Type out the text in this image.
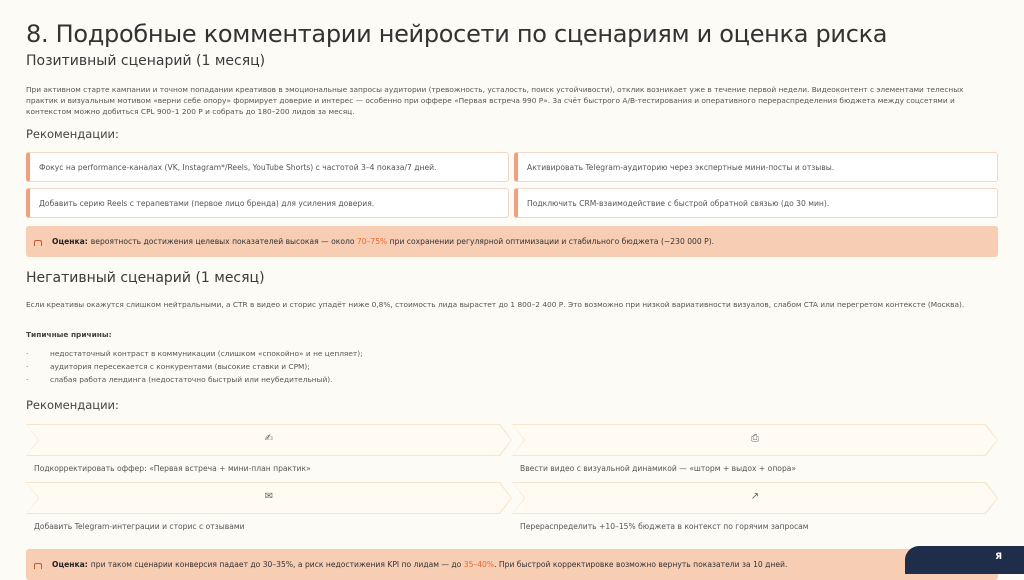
8. Подробные комментарии нейросети по сценариям и оценка риска
Позитивный сценарий (1 месяц)

При активном старте кампании и точном попадании креативов в эмоциональные запросы аудитории (тревожность, усталость, поиск устойчивости), отклик возникает уже в течение первой недели. Видеоконтент с элементами телесных практик и визуальным мотивом «верни себе опору» формирует доверие и интерес — особенно при оффере «Первая встреча 990 Р». За счёт быстрого A/B-тестирования и оперативного перераспределения бюджета между соцсетями и контекстом можно добиться CPL 900–1 200 Р и собрать до 180–200 лидов за месяц.

Рекомендации:
Фокус на performance-каналах (VK, Instagram*/Reels, YouTube Shorts) с частотой 3–4 показа/7 дней.	Активировать Telegram-аудиторию через экспертные мини-посты и отзывы.
Добавить серию Reels с терапевтами (первое лицо бренда) для усиления доверия.	Подключить CRM-взаимодействие с быстрой обратной связью (до 30 мин).
Оценка: вероятность достижения целевых показателей высокая — около
70–75%
при сохранении регулярной оптимизации и стабильного бюджета (~230 000 Р).
Негативный сценарий (1 месяц)

Если креативы окажутся слишком нейтральными, а CTR в видео и сторис упадёт ниже 0,8%, стоимость лида вырастет до 1 800–2 400 Р. Это возможно при низкой вариативности визуалов, слабом CTA или перегретом контексте (Москва).

Типичные причины:
· недостаточный контраст в коммуникации (слишком «спокойно» и не цепляет);
· аудитория пересекается с конкурентами (высокие ставки и CPM);
· слабая работа лендинга (недостаточно быстрый или неубедительный).
Рекомендации:
✍
Подкорректировать оффер: «Первая встреча + мини-план практик»
⎙
Ввести видео с визуальной динамикой — «шторм + выдох + опора»
✉
Добавить Telegram-интеграции и сторис с отзывами
↗
Перераспределить +10–15% бюджета в контекст по горячим запросам
Оценка: при таком сценарии конверсия падает до 30–35%, а риск недостижения KPI по лидам — до
35–40% . При быстрой корректировке возможно вернуть показатели за 10 дней.
Я
